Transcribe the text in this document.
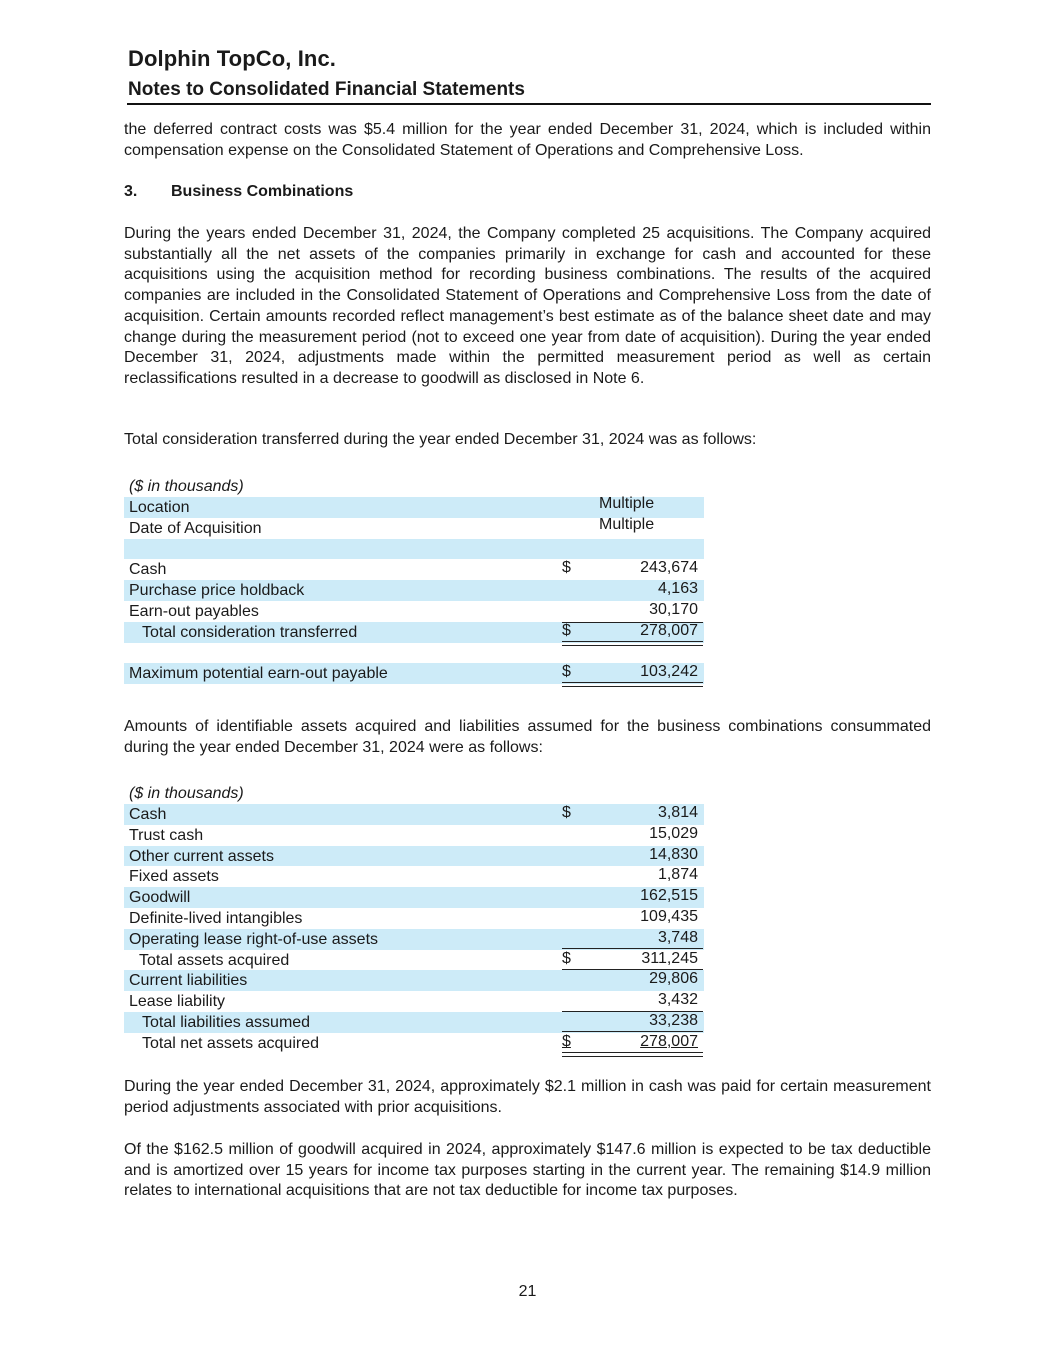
Dolphin TopCo, Inc.
Notes to Consolidated Financial Statements

the deferred contract costs was $5.4 million for the year ended December 31, 2024, which is included within compensation expense on the Consolidated Statement of Operations and Comprehensive Loss.

3. Business Combinations

During the years ended December 31, 2024, the Company completed 25 acquisitions. The Company acquired substantially all the net assets of the companies primarily in exchange for cash and accounted for these acquisitions using the acquisition method for recording business combinations. The results of the acquired companies are included in the Consolidated Statement of Operations and Comprehensive Loss from the date of acquisition. Certain amounts recorded reflect management’s best estimate as of the balance sheet date and may change during the measurement period (not to exceed one year from date of acquisition). During the year ended December 31, 2024, adjustments made within the permitted measurement period as well as certain reclassifications resulted in a decrease to goodwill as disclosed in Note 6.

Total consideration transferred during the year ended December 31, 2024 was as follows:

($ in thousands)
Location	Multiple
Date of Acquisition	Multiple
Cash	$	243,674
Purchase price holdback	4,163
Earn-out payables	30,170
Total consideration transferred	$	278,007
Maximum potential earn-out payable	$	103,242

Amounts of identifiable assets acquired and liabilities assumed for the business combinations consummated during the year ended December 31, 2024 were as follows:

($ in thousands)
Cash	$	3,814
Trust cash	15,029
Other current assets	14,830
Fixed assets	1,874
Goodwill	162,515
Definite-lived intangibles	109,435
Operating lease right-of-use assets	3,748
Total assets acquired	$	311,245
Current liabilities	29,806
Lease liability	3,432
Total liabilities assumed	33,238
Total net assets acquired	$	278,007

During the year ended December 31, 2024, approximately $2.1 million in cash was paid for certain measurement period adjustments associated with prior acquisitions.

Of the $162.5 million of goodwill acquired in 2024, approximately $147.6 million is expected to be tax deductible and is amortized over 15 years for income tax purposes starting in the current year. The remaining $14.9 million relates to international acquisitions that are not tax deductible for income tax purposes.

21
